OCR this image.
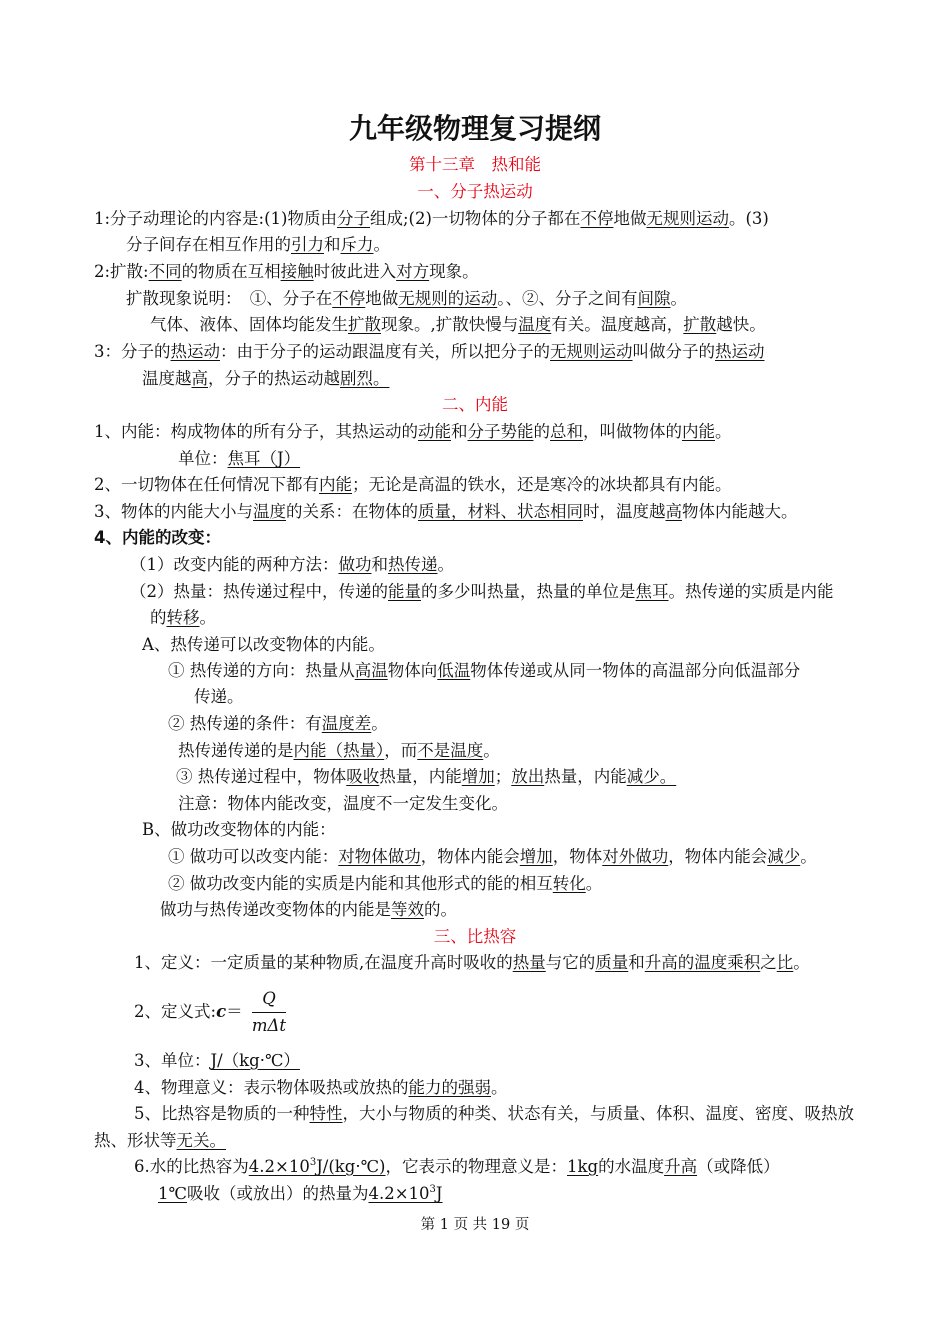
九年级物理复习提纲
第十三章　热和能
一、分子热运动
1:分子动理论的内容是:(1)物质由分子组成;(2)一切物体的分子都在不停地做无规则运动。(3)
分子间存在相互作用的引力和斥力。
2:扩散:不同的物质在互相接触时彼此进入对方现象。
扩散现象说明：　①、分子在不停地做无规则的运动。、②、分子之间有间隙。
气体、液体、固体均能发生扩散现象。,扩散快慢与温度有关。温度越高，扩散越快。
3：分子的热运动：由于分子的运动跟温度有关，所以把分子的无规则运动叫做分子的热运动
温度越高，分子的热运动越剧烈。
二、内能
1、内能：构成物体的所有分子，其热运动的动能和分子势能的总和，叫做物体的内能。
单位：焦耳（J）
2、一切物体在任何情况下都有内能；无论是高温的铁水，还是寒冷的冰块都具有内能。
3、物体的内能大小与温度的关系：在物体的质量，材料、状态相同时，温度越高物体内能越大。
4、内能的改变：
（1）改变内能的两种方法：做功和热传递。
（2）热量：热传递过程中，传递的能量的多少叫热量，热量的单位是焦耳。热传递的实质是内能
的转移。
A、热传递可以改变物体的内能。
① 热传递的方向：热量从高温物体向低温物体传递或从同一物体的高温部分向低温部分
传递。
② 热传递的条件：有温度差。
热传递传递的是内能（热量），而不是温度。
③ 热传递过程中，物体吸收热量，内能增加；放出热量，内能减少。
注意：物体内能改变，温度不一定发生变化。
B、做功改变物体的内能：
① 做功可以改变内能：对物体做功，物体内能会增加，物体对外做功，物体内能会减少。
② 做功改变内能的实质是内能和其他形式的能的相互转化。
做功与热传递改变物体的内能是等效的。
三、比热容
1、定义：一定质量的某种物质,在温度升高时吸收的热量与它的质量和升高的温度乘积之比。
2、定义式:c＝ $\frac{Q}{\text{mΔt}}$
3、单位：J/（kg·℃）
4、物理意义：表示物体吸热或放热的能力的强弱。
5、比热容是物质的一种特性，大小与物质的种类、状态有关，与质量、体积、温度、密度、吸热放
热、形状等无关。
6.水的比热容为$4.2\times 10^3J/(kg\cdot℃)$，它表示的物理意义是：1kg的水温度升高（或降低）
1℃吸收（或放出）的热量为$4.2\times 10^3J$
第 1 页 共 19 页
